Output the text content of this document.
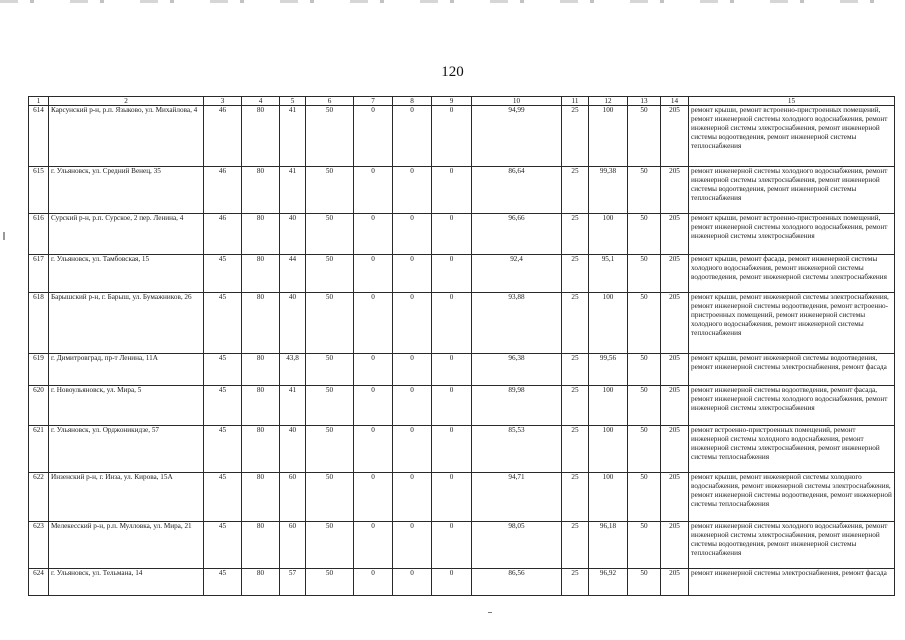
120
1	2	3	4	5	6	7	8	9	10	11	12	13	14	15
614	Карсунский р-н, р.п. Языково, ул. Михайлова, 4	46	80	41	50	0	0	0	94,99	25	100	50	205	ремонт крыши, ремонт встроенно-пристроенных помещений, ремонт инженерной системы холодного водоснабжения, ремонт инженерной системы электроснабжения, ремонт инженерной системы водоотведения, ремонт инженерной системы теплоснабжения
615	г. Ульяновск, ул. Средний Венец, 35	46	80	41	50	0	0	0	86,64	25	99,38	50	205	ремонт инженерной системы холодного водоснабжения, ремонт инженерной системы электроснабжения, ремонт инженерной системы водоотведения, ремонт инженерной системы теплоснабжения
616	Сурский р-н, р.п. Сурское, 2 пер. Ленина, 4	46	80	40	50	0	0	0	96,66	25	100	50	205	ремонт крыши, ремонт встроенно-пристроенных помещений, ремонт инженерной системы холодного водоснабжения, ремонт инженерной системы электроснабжения
617	г. Ульяновск, ул. Тамбовская, 15	45	80	44	50	0	0	0	92,4	25	95,1	50	205	ремонт крыши, ремонт фасада, ремонт инженерной системы холодного водоснабжения, ремонт инженерной системы водоотведения, ремонт инженерной системы электроснабжения
618	Барышский р-н, г. Барыш, ул. Бумажников, 26	45	80	40	50	0	0	0	93,88	25	100	50	205	ремонт крыши, ремонт инженерной системы электроснабжения, ремонт инженерной системы водоотведения, ремонт встроенно-пристроенных помещений, ремонт инженерной системы холодного водоснабжения, ремонт инженерной системы теплоснабжения
619	г. Димитровград, пр-т Ленина, 11А	45	80	43,8	50	0	0	0	96,38	25	99,56	50	205	ремонт крыши, ремонт инженерной системы водоотведения, ремонт инженерной системы электроснабжения, ремонт фасада
620	г. Новоульяновск, ул. Мира, 5	45	80	41	50	0	0	0	89,98	25	100	50	205	ремонт инженерной системы водоотведения, ремонт фасада, ремонт инженерной системы холодного водоснабжения, ремонт инженерной системы электроснабжения
621	г. Ульяновск, ул. Орджоникидзе, 57	45	80	40	50	0	0	0	85,53	25	100	50	205	ремонт встроенно-пристроенных помещений, ремонт инженерной системы холодного водоснабжения, ремонт инженерной системы электроснабжения, ремонт инженерной системы теплоснабжения
622	Инзенский р-н, г. Инза, ул. Кирова, 15А	45	80	60	50	0	0	0	94,71	25	100	50	205	ремонт крыши, ремонт инженерной системы холодного водоснабжения, ремонт инженерной системы электроснабжения, ремонт инженерной системы водоотведения, ремонт инженерной системы теплоснабжения
623	Мелекесский р-н, р.п. Мулловка, ул. Мира, 21	45	80	60	50	0	0	0	98,05	25	96,18	50	205	ремонт инженерной системы холодного водоснабжения, ремонт инженерной системы электроснабжения, ремонт инженерной системы водоотведения, ремонт инженерной системы теплоснабжения
624	г. Ульяновск, ул. Тельмана, 14	45	80	57	50	0	0	0	86,56	25	96,92	50	205	ремонт инженерной системы электроснабжения, ремонт фасада
